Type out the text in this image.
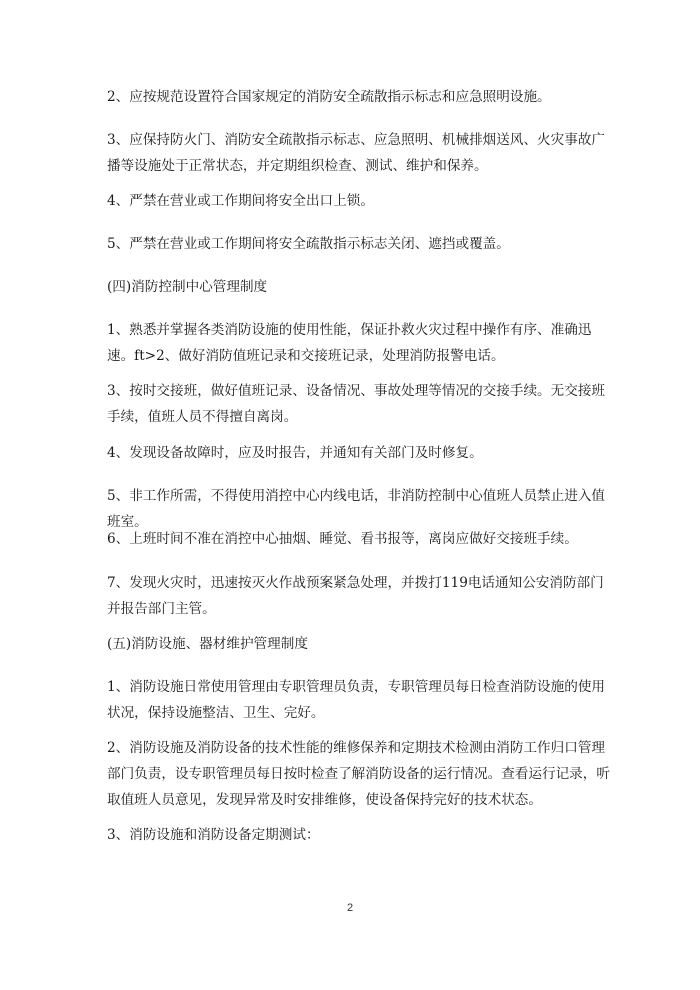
2、应按规范设置符合国家规定的消防安全疏散指示标志和应急照明设施。

3、应保持防火门、消防安全疏散指示标志、应急照明、机械排烟送风、火灾事故广播等设施处于正常状态，并定期组织检查、测试、维护和保养。

4、严禁在营业或工作期间将安全出口上锁。

5、严禁在营业或工作期间将安全疏散指示标志关闭、遮挡或覆盖。

(四)消防控制中心管理制度

1、熟悉并掌握各类消防设施的使用性能，保证扑救火灾过程中操作有序、准确迅速。ft>2、做好消防值班记录和交接班记录，处理消防报警电话。

3、按时交接班，做好值班记录、设备情况、事故处理等情况的交接手续。无交接班手续，值班人员不得擅自离岗。

4、发现设备故障时，应及时报告，并通知有关部门及时修复。

5、非工作所需，不得使用消控中心内线电话，非消防控制中心值班人员禁止进入值班室。

6、上班时间不准在消控中心抽烟、睡觉、看书报等，离岗应做好交接班手续。

7、发现火灾时，迅速按灭火作战预案紧急处理，并拨打119电话通知公安消防部门并报告部门主管。

(五)消防设施、器材维护管理制度

1、消防设施日常使用管理由专职管理员负责，专职管理员每日检查消防设施的使用状况，保持设施整洁、卫生、完好。

2、消防设施及消防设备的技术性能的维修保养和定期技术检测由消防工作归口管理部门负责，设专职管理员每日按时检查了解消防设备的运行情况。查看运行记录，听取值班人员意见，发现异常及时安排维修，使设备保持完好的技术状态。

3、消防设施和消防设备定期测试：

2
